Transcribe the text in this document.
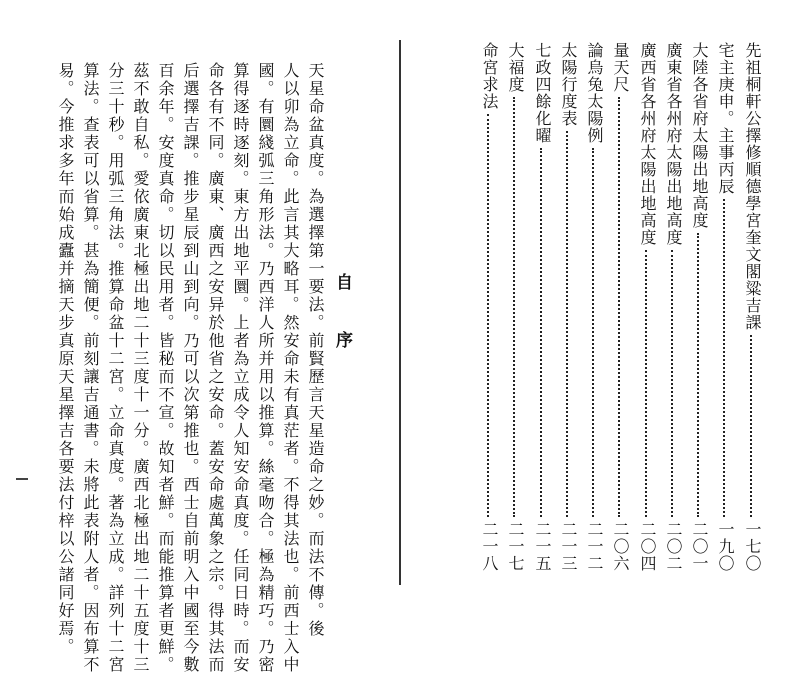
天星命盆真度。為選擇第一要法。前賢歷言天星造命之妙。而法不傳。後
人以卯為立命。此言其大略耳。然安命未有真茫者。不得其法也。前西士入中
國。有圜綫弧三角形法。乃西洋人所并用以推算。絲毫吻合。極為精巧。乃密
算得逐時逐刻。東方出地平圜。上者為立成令人知安命真度。任同日時。而安
命各有不同。廣東、廣西之安异於他省之安命。蓋安命處萬象之宗。得其法而
后選擇吉課。推步星辰到山到向。乃可以次第推也。西士自前明入中國至今數
百余年。安度真命。切以民用者。皆秘而不宣。故知者鮮。而能推算者更鮮。
茲不敢自私。愛依廣東北極出地二十三度十一分。廣西北極出地二十五度十三
分三十秒。用弧三角法。推算命盆十二宮。立命真度。著為立成。詳列十二宮
算法。查表可以省算。甚為簡便。前刻讓吉通書。未將此表附人者。因布算不
易。今推求多年而始成蠹并摘天步真原天星擇吉各要法付梓以公諸同好焉。	自
序
先祖桐軒公擇修順德學宮奎文閣粱吉課
一七〇
宅主庚申。主事丙辰
一九〇
大陸各省府太陽出地高度
二〇一
廣東省各州府太陽出地高度
二〇二
廣西省各州府太陽出地高度
二〇四
量天尺
二〇六
論烏兔太陽例
二一二
太陽行度表
二一三
七政四餘化曜
二一五
大福度
二一七
命宮求法
二一八
